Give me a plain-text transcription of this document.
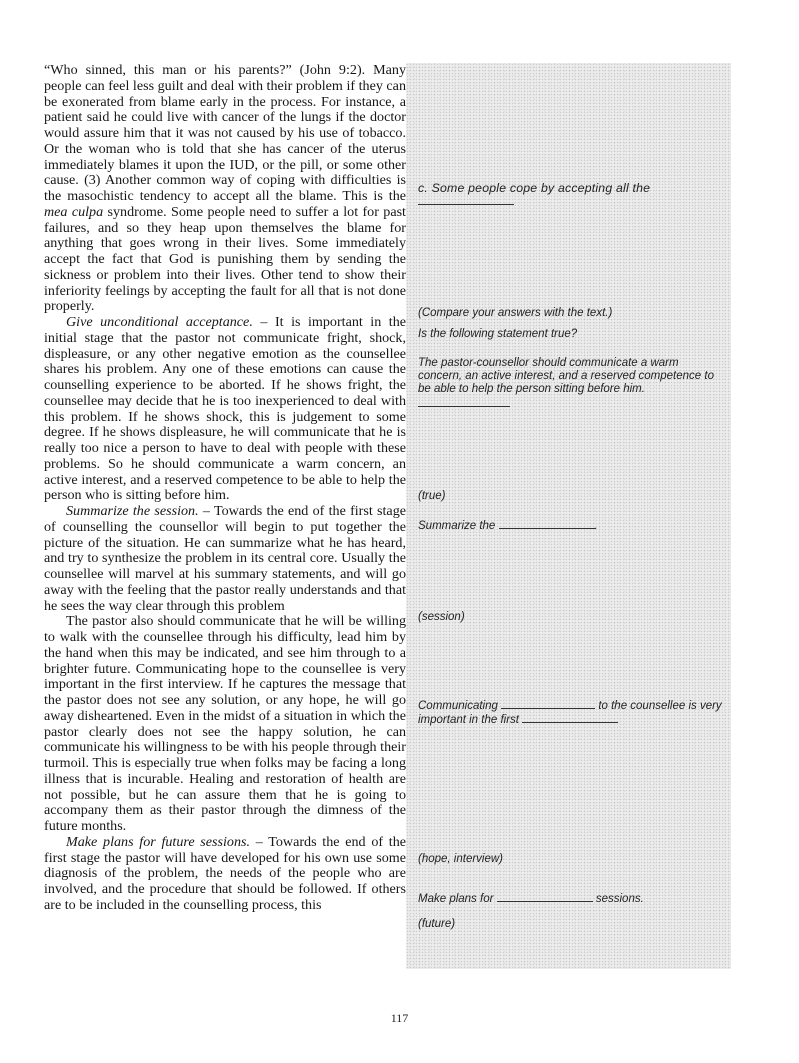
“Who sinned, this man or his parents?” (John 9:2). Many people can feel less guilt and deal with their problem if they can be exonerated from blame early in the process. For instance, a patient said he could live with cancer of the lungs if the doctor would assure him that it was not caused by his use of tobacco. Or the woman who is told that she has cancer of the uterus immediately blames it upon the IUD, or the pill, or some other cause. (3) Another common way of coping with difficulties is the masochistic tendency to accept all the blame. This is the mea culpa syndrome. Some people need to suffer a lot for past failures, and so they heap upon themselves the blame for anything that goes wrong in their lives. Some immediately accept the fact that God is punishing them by sending the sickness or problem into their lives. Other tend to show their inferiority feelings by accepting the fault for all that is not done properly.

Give unconditional acceptance. – It is important in the initial stage that the pastor not communicate fright, shock, displeasure, or any other negative emotion as the counsellee shares his problem. Any one of these emotions can cause the counselling experience to be aborted. If he shows fright, the counsellee may decide that he is too inexperienced to deal with this problem. If he shows shock, this is judgement to some degree. If he shows displeasure, he will communicate that he is really too nice a person to have to deal with people with these problems. So he should communicate a warm concern, an active interest, and a reserved competence to be able to help the person who is sitting before him.

Summarize the session. – Towards the end of the first stage of counselling the counsellor will begin to put together the picture of the situation. He can summarize what he has heard, and try to synthesize the problem in its central core. Usually the counsellee will marvel at his summary statements, and will go away with the feeling that the pastor really understands and that he sees the way clear through this problem

The pastor also should communicate that he will be willing to walk with the counsellee through his difficulty, lead him by the hand when this may be indicated, and see him through to a brighter future. Communicating hope to the counsellee is very important in the first interview. If he captures the message that the pastor does not see any solution, or any hope, he will go away disheartened. Even in the midst of a situation in which the pastor clearly does not see the happy solution, he can communicate his willingness to be with his people through their turmoil. This is especially true when folks may be facing a long illness that is incurable. Healing and restoration of health are not possible, but he can assure them that he is going to accompany them as their pastor through the dimness of the future months.

Make plans for future sessions. – Towards the end of the first stage the pastor will have developed for his own use some diagnosis of the problem, the needs of the people who are involved, and the procedure that should be followed. If others are to be included in the counselling process, this

c. Some people cope by accepting all the

(Compare your answers with the text.)

Is the following statement true?

The pastor-counsellor should communicate a warm concern, an active interest, and a reserved competence to be able to help the person sitting before him.

(true)

Summarize the	.

(session)

Communicating	to the counsellee is very important in the first

(hope, interview)

Make plans for	sessions.

(future)

117
